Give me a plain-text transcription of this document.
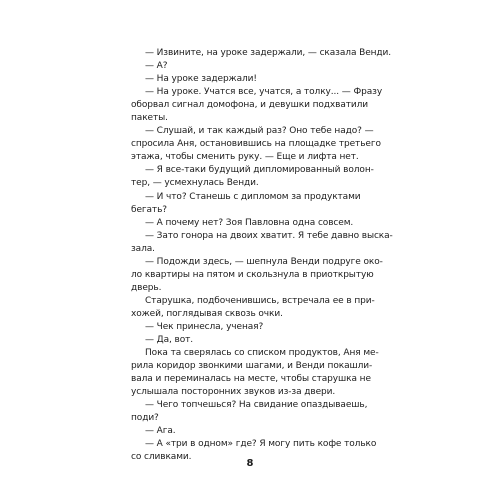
— Извините, на уроке задержали, — сказала Венди.
— А?
— На уроке задержали!
— На уроке. Учатся все, учатся, а толку... — Фразу
оборвал сигнал домофона, и девушки подхватили
пакеты.
— Слушай, и так каждый раз? Оно тебе надо? —
спросила Аня, остановившись на площадке третьего
этажа, чтобы сменить руку. — Еще и лифта нет.
— Я все-таки будущий дипломированный волон-
тер, — усмехнулась Венди.
— И что? Станешь с дипломом за продуктами
бегать?
— А почему нет? Зоя Павловна одна совсем.
— Зато гонора на двоих хватит. Я тебе давно выска-
зала.
— Подожди здесь, — шепнула Венди подруге око-
ло квартиры на пятом и скользнула в приоткрытую
дверь.
Старушка, подбоченившись, встречала ее в при-
хожей, поглядывая сквозь очки.
— Чек принесла, ученая?
— Да, вот.
Пока та сверялась со списком продуктов, Аня ме-
рила коридор звонкими шагами, и Венди покашли-
вала и переминалась на месте, чтобы старушка не
услышала посторонних звуков из-за двери.
— Чего топчешься? На свидание опаздываешь,
поди?
— Ага.
— А «три в одном» где? Я могу пить кофе только
со сливками.
8
